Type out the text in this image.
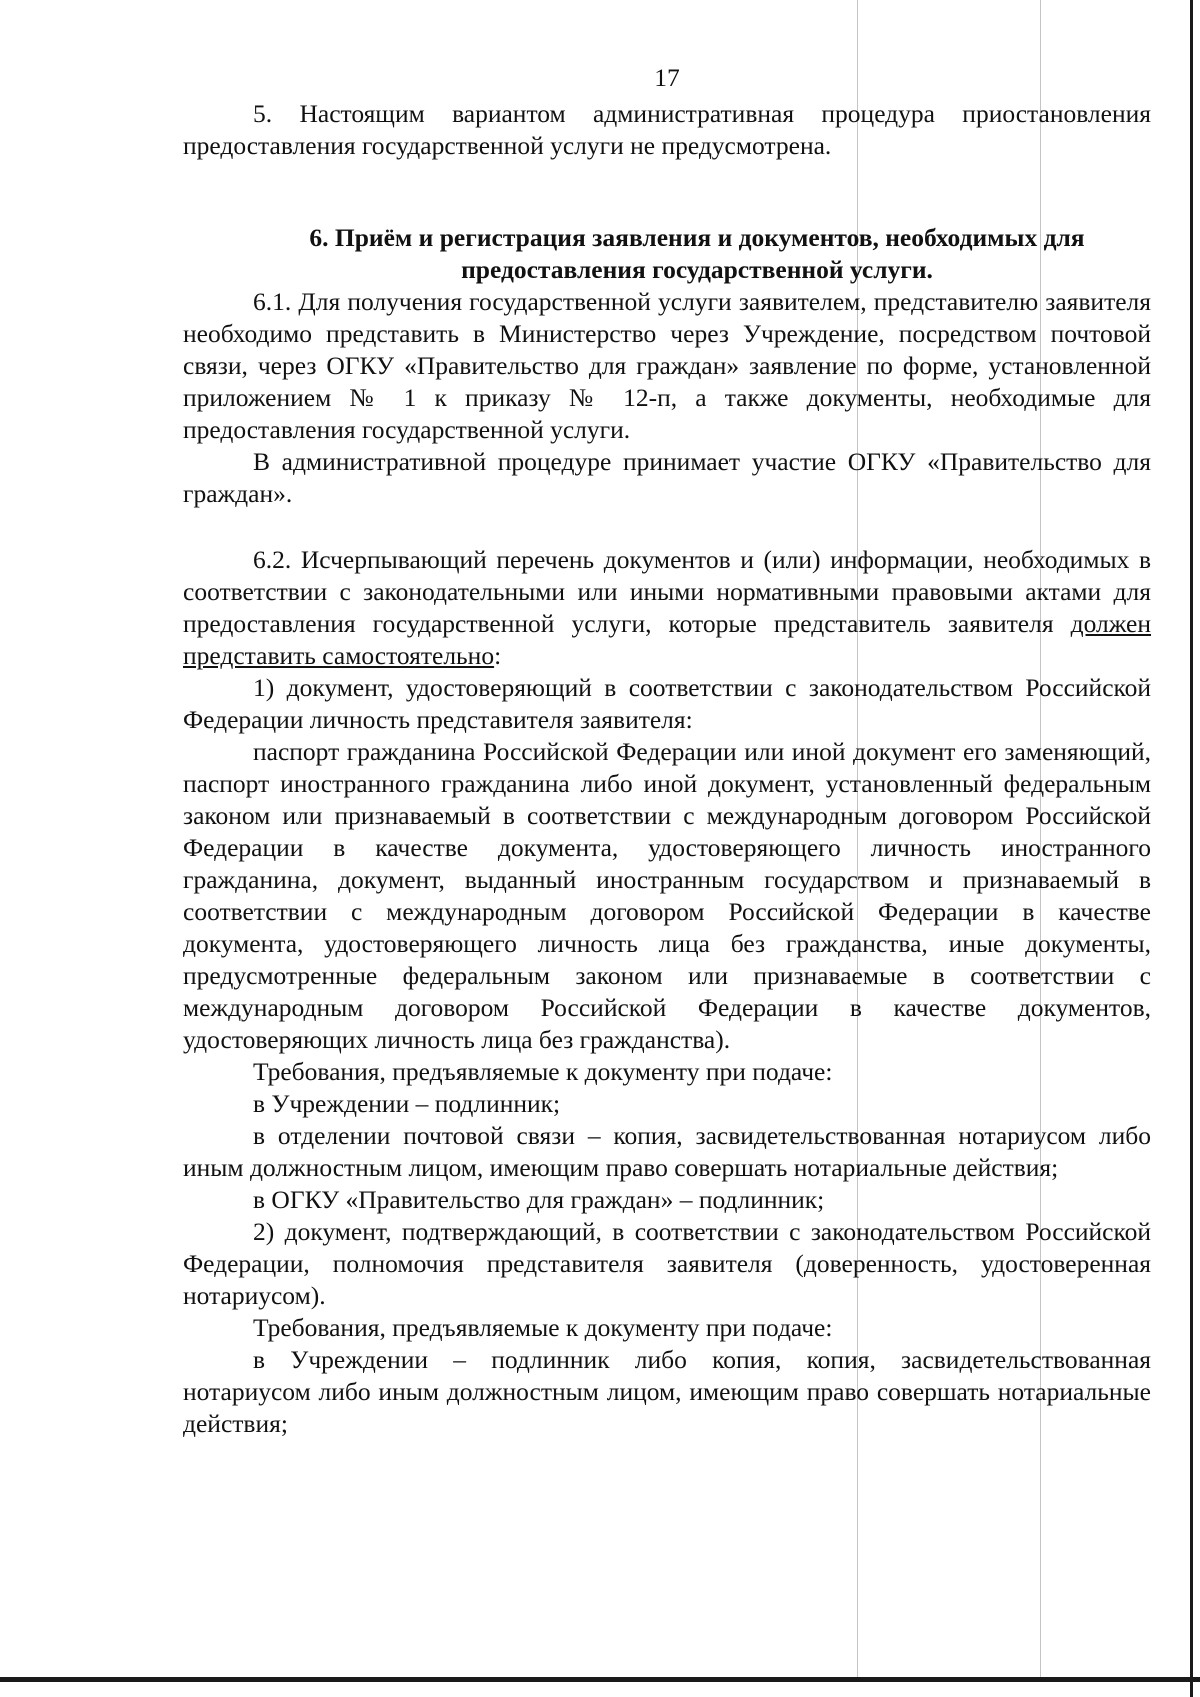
17

5. Настоящим вариантом административная процедура приостановления предоставления государственной услуги не предусмотрена.

6. Приём и регистрация заявления и документов, необходимых для
предоставления государственной услуги.

6.1. Для получения государственной услуги заявителем, представителю заявителя необходимо представить в Министерство через Учреждение, посредством почтовой связи, через ОГКУ «Правительство для граждан» заявление по форме, установленной приложением № 1 к приказу № 12-п, а также документы, необходимые для предоставления государственной услуги.

В административной процедуре принимает участие ОГКУ «Правительство для граждан».

6.2. Исчерпывающий перечень документов и (или) информации, необходимых в соответствии с законодательными или иными нормативными правовыми актами для предоставления государственной услуги, которые представитель заявителя должен представить самостоятельно:

1) документ, удостоверяющий в соответствии с законодательством Российской Федерации личность представителя заявителя:

паспорт гражданина Российской Федерации или иной документ его заменяющий, паспорт иностранного гражданина либо иной документ, установленный федеральным законом или признаваемый в соответствии с международным договором Российской Федерации в качестве документа, удостоверяющего личность иностранного гражданина, документ, выданный иностранным государством и признаваемый в соответствии с международным договором Российской Федерации в качестве документа, удостоверяющего личность лица без гражданства, иные документы, предусмотренные федеральным законом или признаваемые в соответствии с международным договором Российской Федерации в качестве документов, удостоверяющих личность лица без гражданства).

Требования, предъявляемые к документу при подаче:

в Учреждении – подлинник;

в отделении почтовой связи – копия, засвидетельствованная нотариусом либо иным должностным лицом, имеющим право совершать нотариальные действия;

в ОГКУ «Правительство для граждан» – подлинник;

2) документ, подтверждающий, в соответствии с законодательством Российской Федерации, полномочия представителя заявителя (доверенность, удостоверенная нотариусом).

Требования, предъявляемые к документу при подаче:

в Учреждении – подлинник либо копия, копия, засвидетельствованная нотариусом либо иным должностным лицом, имеющим право совершать нотариальные действия;
